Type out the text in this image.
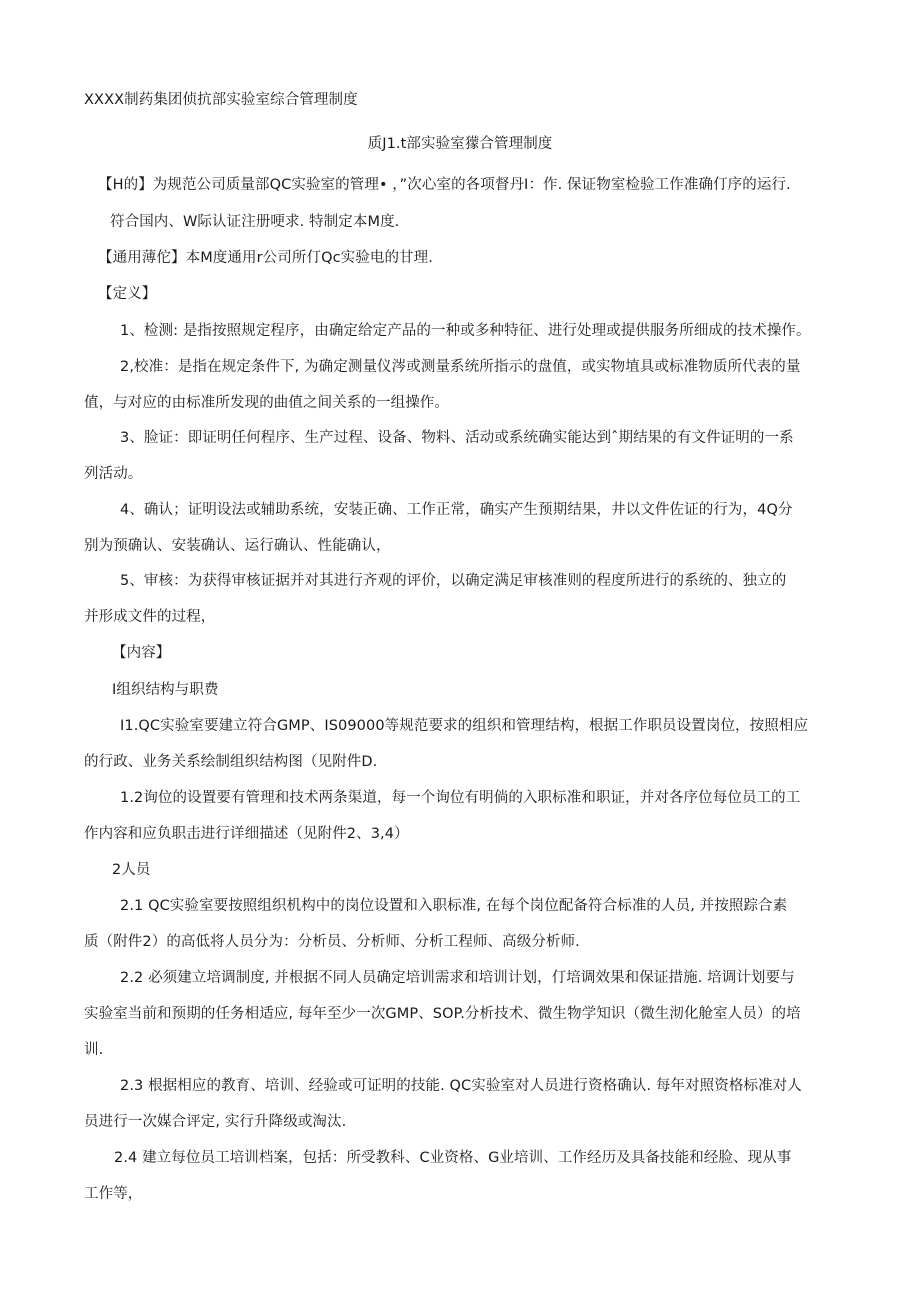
XXXX制药集团侦抗部实验室综合管理制度
质J1.t部实验室獴合管理制度
【H的】为规范公司质量部QC实验室的管理• ，”次心室的各项督丹I：作. 保证物室检验工作准确仃序的运行.
符合国内、W际认证注册哽求. 特制定本M度.
【通用薄佗】本M度通用r公司所仃Qc实验电的甘理.
【定义】
1、检测: 是指按照规定程序，由确定给定产品的一种或多种特征、进行处理或提供服务所细成的技术操作。
2,校准：是指在规定条件下, 为确定测量仪涔或测量系统所指示的盘值，或实物埴具或标准物质所代表的量
值，与对应的由标准所发现的曲值之间关系的一组操作。
3、脸证：即证明任何程序、生产过程、设备、物料、活动或系统确实能达到ˆ期结果的有文件证明的一系
列活动。
4、确认；证明设法或辅助系统，安装正确、工作正常，确实产生预期结果，井以文件佐证的行为，4Q分
别为预确认、安装确认、运行确认、性能确认，
5、审核：为获得审核证据并对其进行齐观的评价，以确定满足审核准则的程度所进行的系统的、独立的
并形成文件的过程，
【内容】
I组织结构与职费
I1.QC实验室要建立符合GMP、IS09000等规范要求的组织和管理结构，根据工作职员设置岗位，按照相应
的行政、业务关系绘制组织结构图（见附件D.
1.2询位的设置要有管理和技术两条渠道，每一个询位有明倘的入职标准和职证，并对各序位每位员工的工
作内容和应负职击进行详细描述（见附件2、3,4）
2人员
2.1 QC实验室要按照组织机构中的岗位设置和入职标准, 在每个岗位配备符合标准的人员, 并按照踪合素
质（附件2）的高低将人员分为：分析员、分析师、分析工程师、高级分析师.
2.2 必须建立培调制度, 并根据不同人员确定培训需求和培训计划，仃培调效果和保证措施. 培调计划要与
实验室当前和预期的任务相适应, 每年至少一次GMP、SOP.分析技术、微生物学知识（微生沏化舱室人员）的培
训.
2.3 根据相应的教育、培训、经验或可证明的技能. QC实验室对人员进行资格确认. 每年对照资格标准对人
员进行一次媒合评定, 实行升降级或淘汰.
2.4 建立每位员工培训档案，包括：所受教科、C业资格、G业培训、工作经历及具备技能和经脸、现从事
工作等，
